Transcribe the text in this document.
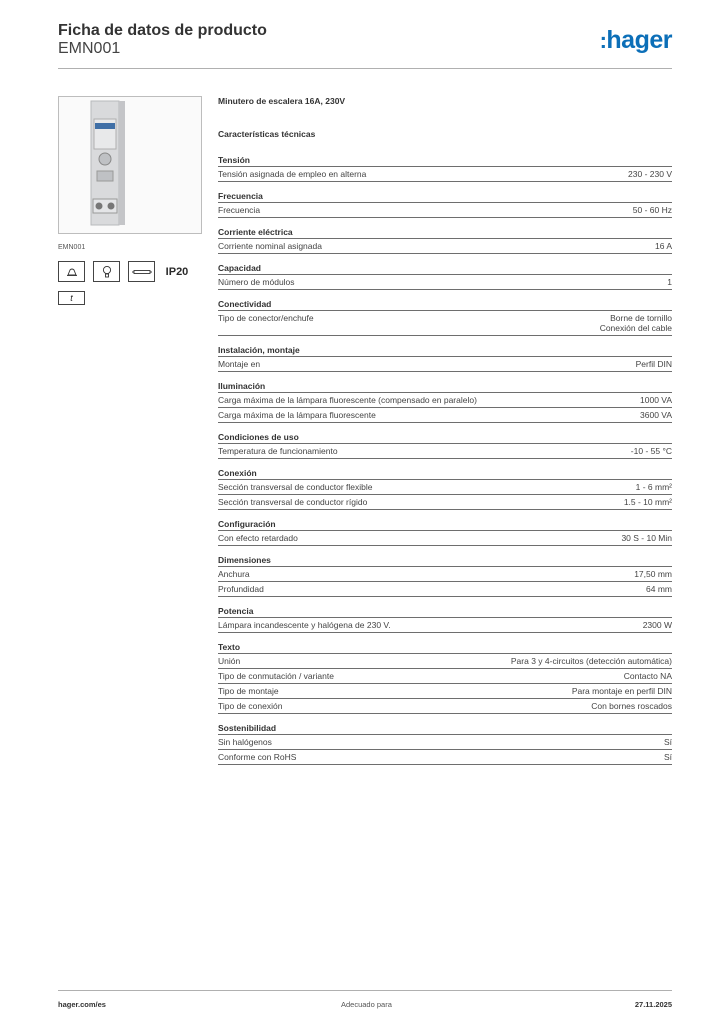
Ficha de datos de producto
EMN001	:hager
EMN001
IP20
t
Minutero de escalera 16A, 230V
Características técnicas
Tensión
Tensión asignada de empleo en alterna	230 - 230 V
Frecuencia
Frecuencia	50 - 60 Hz
Corriente eléctrica
Corriente nominal asignada	16 A
Capacidad
Número de módulos	1
Conectividad
Tipo de conector/enchufe	Borne de tornillo
Conexión del cable
Instalación, montaje
Montaje en	Perfil DIN
Iluminación
Carga máxima de la lámpara fluorescente (compensado en paralelo)	1000 VA
Carga máxima de la lámpara fluorescente	3600 VA
Condiciones de uso
Temperatura de funcionamiento	-10 - 55 °C
Conexión
Sección transversal de conductor flexible	1 - 6 mm²
Sección transversal de conductor rígido	1.5 - 10 mm²
Configuración
Con efecto retardado	30 S - 10 Min
Dimensiones
Anchura	17,50 mm
Profundidad	64 mm
Potencia
Lámpara incandescente y halógena de 230 V.	2300 W
Texto
Unión	Para 3 y 4-circuitos (detección automática)
Tipo de conmutación / variante	Contacto NA
Tipo de montaje	Para montaje en perfil DIN
Tipo de conexión	Con bornes roscados
Sostenibilidad
Sin halógenos	Sí
Conforme con RoHS	Sí
hager.com/es	Adecuado para	27.11.2025
